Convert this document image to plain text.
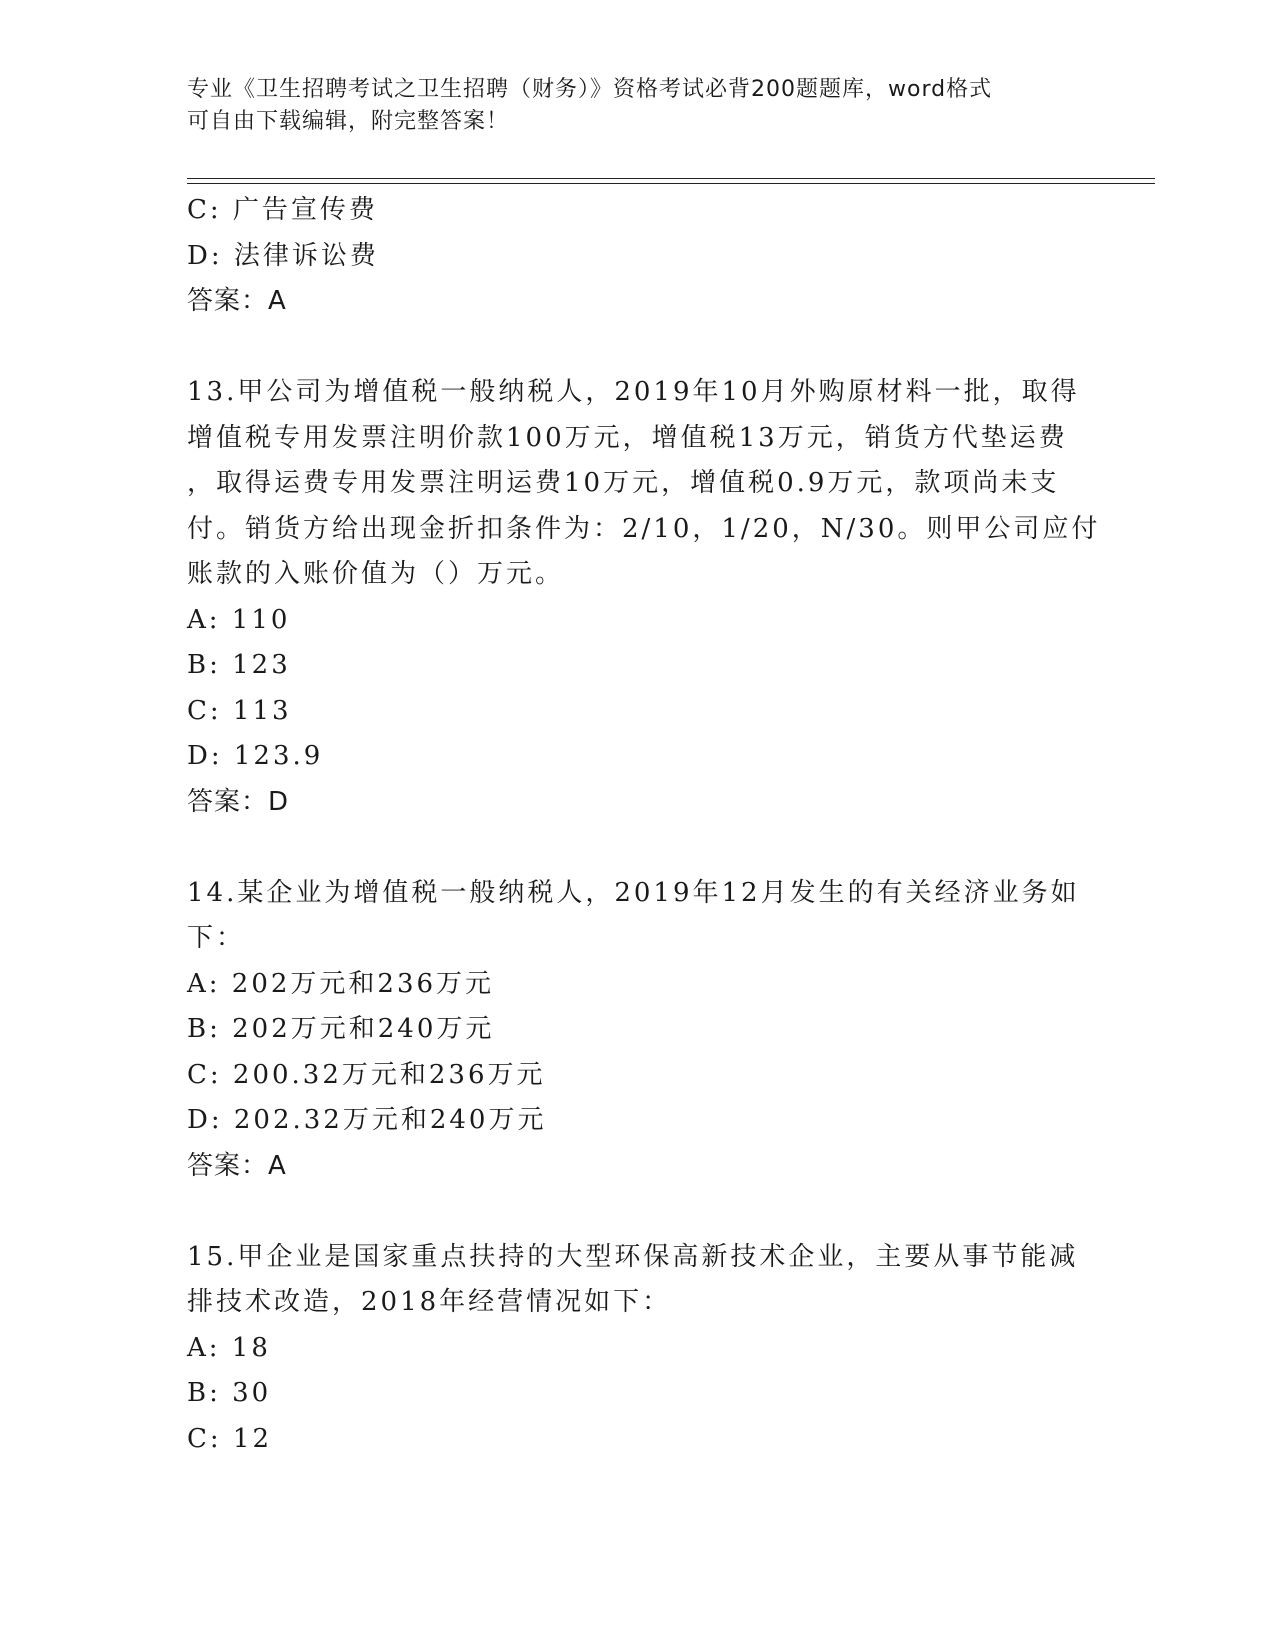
专业《卫生招聘考试之卫生招聘（财务）》资格考试必背200题题库，word格式
可自由下载编辑，附完整答案！
C: 广告宣传费
D: 法律诉讼费
答案：A
13.甲公司为增值税一般纳税人，2019年10月外购原材料一批，取得
增值税专用发票注明价款100万元，增值税13万元，销货方代垫运费
，取得运费专用发票注明运费10万元，增值税0.9万元，款项尚未支
付。销货方给出现金折扣条件为：2/10，1/20，N/30。则甲公司应付
账款的入账价值为（）万元。
A: 110
B: 123
C: 113
D: 123.9
答案：D
14.某企业为增值税一般纳税人，2019年12月发生的有关经济业务如
下：
A: 202万元和236万元
B: 202万元和240万元
C: 200.32万元和236万元
D: 202.32万元和240万元
答案：A
15.甲企业是国家重点扶持的大型环保高新技术企业，主要从事节能减
排技术改造，2018年经营情况如下：
A: 18
B: 30
C: 12
